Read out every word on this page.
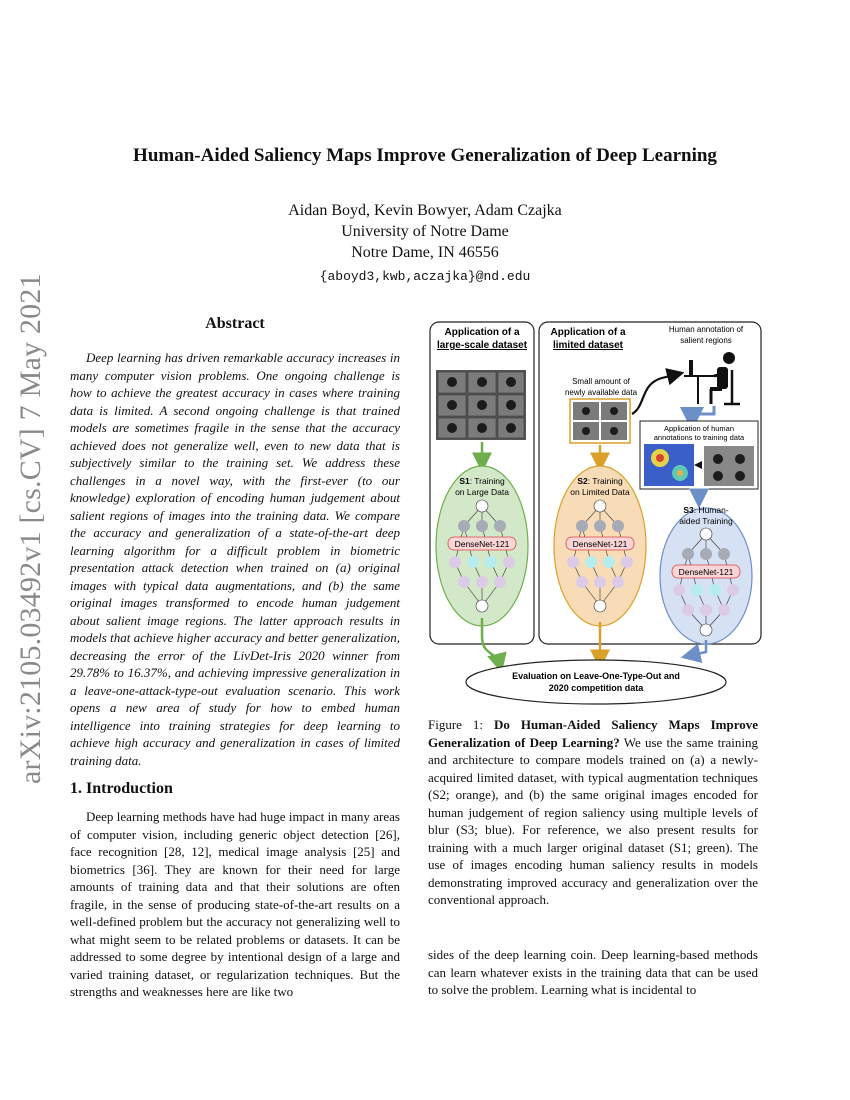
arXiv:2105.03492v1 [cs.CV] 7 May 2021
Human-Aided Saliency Maps Improve Generalization of Deep Learning
Aidan Boyd, Kevin Bowyer, Adam Czajka
University of Notre Dame
Notre Dame, IN 46556
{aboyd3,kwb,aczajka}@nd.edu
Abstract

Deep learning has driven remarkable accuracy increases in many computer vision problems. One ongoing challenge is how to achieve the greatest accuracy in cases where training data is limited. A second ongoing challenge is that trained models are sometimes fragile in the sense that the accuracy achieved does not generalize well, even to new data that is subjectively similar to the training set. We address these challenges in a novel way, with the first-ever (to our knowledge) exploration of encoding human judgement about salient regions of images into the training data. We compare the accuracy and generalization of a state-of-the-art deep learning algorithm for a difficult problem in biometric presentation attack detection when trained on (a) original images with typical data augmentations, and (b) the same original images transformed to encode human judgement about salient image regions. The latter approach results in models that achieve higher accuracy and better generalization, decreasing the error of the LivDet-Iris 2020 winner from 29.78% to 16.37%, and achieving impressive generalization in a leave-one-attack-type-out evaluation scenario. This work opens a new area of study for how to embed human intelligence into training strategies for deep learning to achieve high accuracy and generalization in cases of limited training data.

1. Introduction

Deep learning methods have had huge impact in many areas of computer vision, including generic object detection [26], face recognition [28, 12], medical image analysis [25] and biometrics [36]. They are known for their need for large amounts of training data and that their solutions are often fragile, in the sense of producing state-of-the-art results on a well-defined problem but the accuracy not generalizing well to what might seem to be related problems or datasets. It can be addressed to some degree by intentional design of a large and varied training dataset, or regularization techniques. But the strengths and weaknesses here are like two

Application of a
large-scale dataset
Application of a
limited dataset
Human annotation of
salient regions
Small amount of
newly available data
Application of human
annotations to training data
S1: Training
on Large Data
S2: Training
on Limited Data
S3: Human-
aided Training
DenseNet-121	DenseNet-121
DenseNet-121
Evaluation on Leave-One-Type-Out and
2020 competition data
Figure 1: Do Human-Aided Saliency Maps Improve Generalization of Deep Learning? We use the same training and architecture to compare models trained on (a) a newly-acquired limited dataset, with typical augmentation techniques (S2; orange), and (b) the same original images encoded for human judgement of region saliency using multiple levels of blur (S3; blue). For reference, we also present results for training with a much larger original dataset (S1; green). The use of images encoding human saliency results in models demonstrating improved accuracy and generalization over the conventional approach.

sides of the deep learning coin. Deep learning-based methods can learn whatever exists in the training data that can be used to solve the problem. Learning what is incidental to
